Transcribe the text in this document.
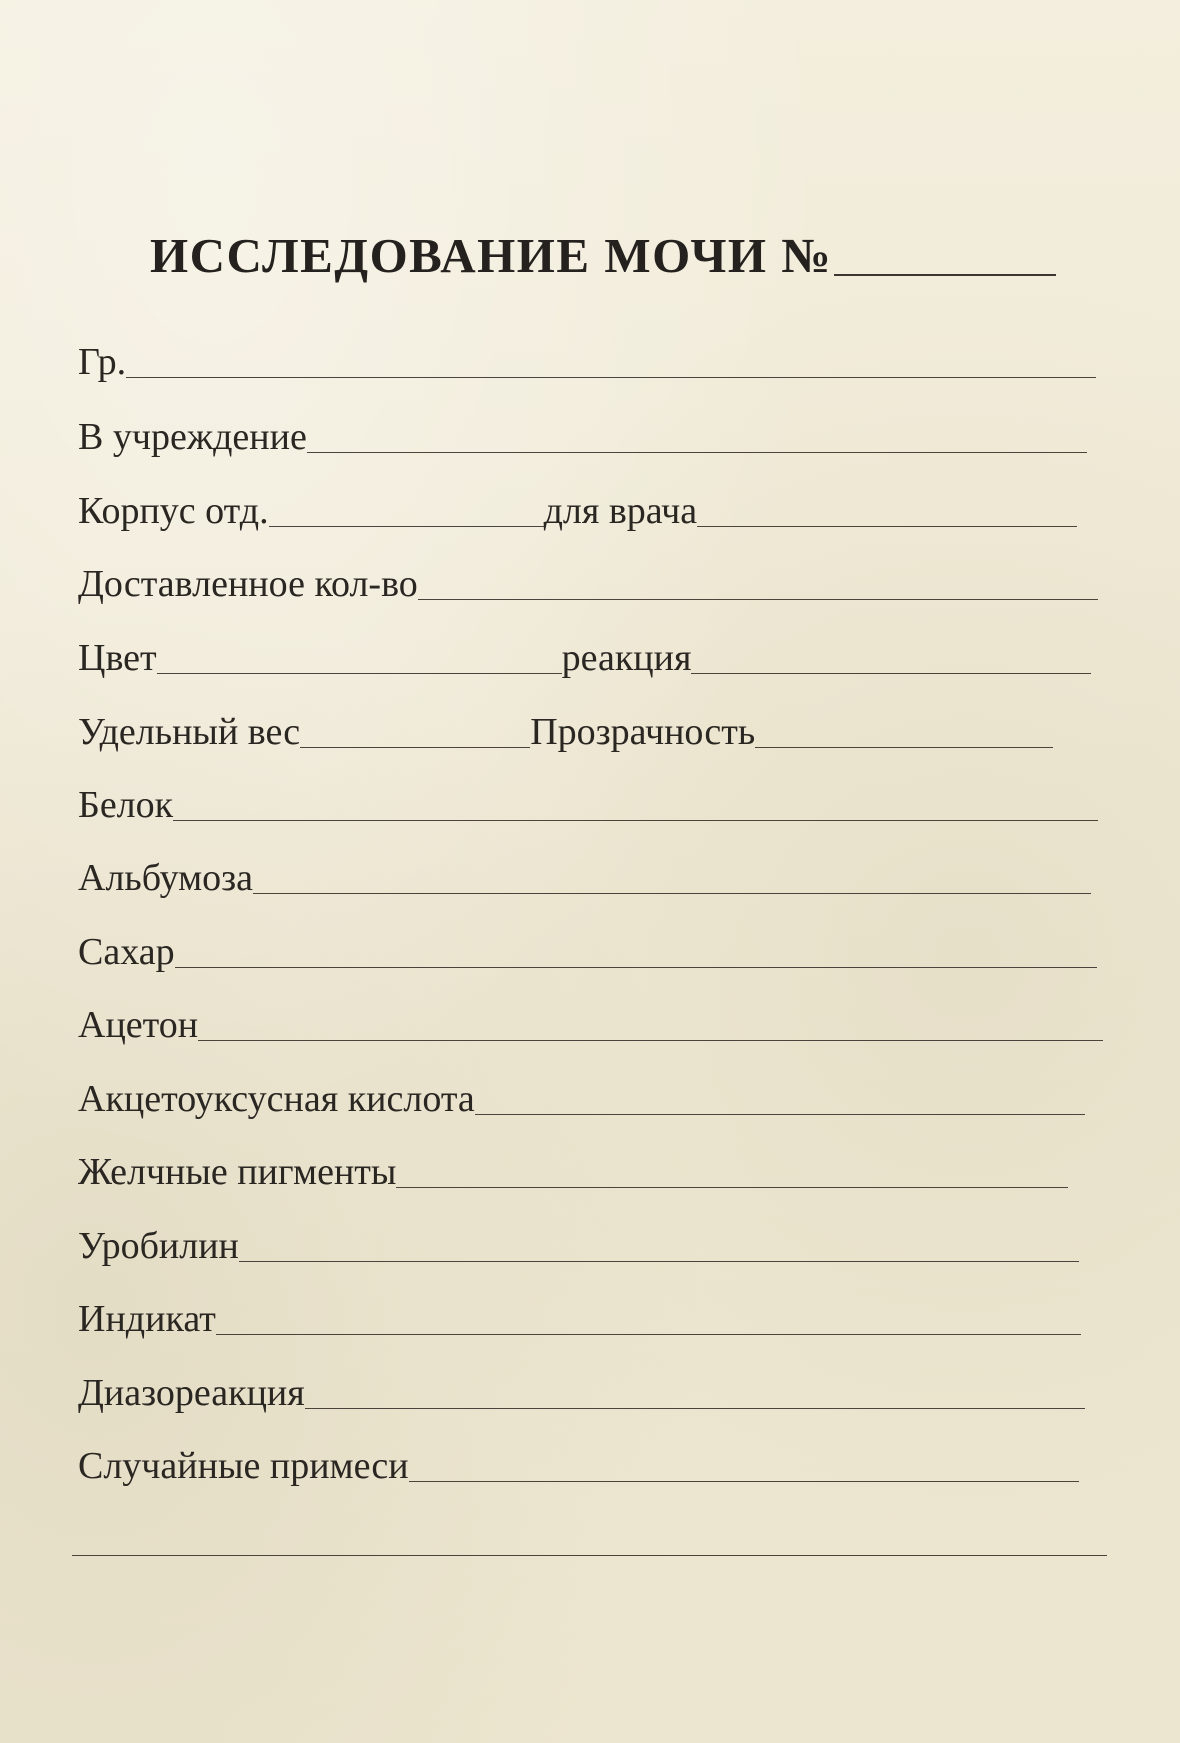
ИССЛЕДОВАНИЕ МОЧИ №
Гр.
В учреждение
Корпус отд.	для врача
Доставленное кол-во
Цвет	реакция
Удельный вес	Прозрачность
Белок
Альбумоза
Сахар
Ацетон
Акцетоуксусная кислота
Желчные пигменты
Уробилин
Индикат
Диазореакция
Случайные примеси
